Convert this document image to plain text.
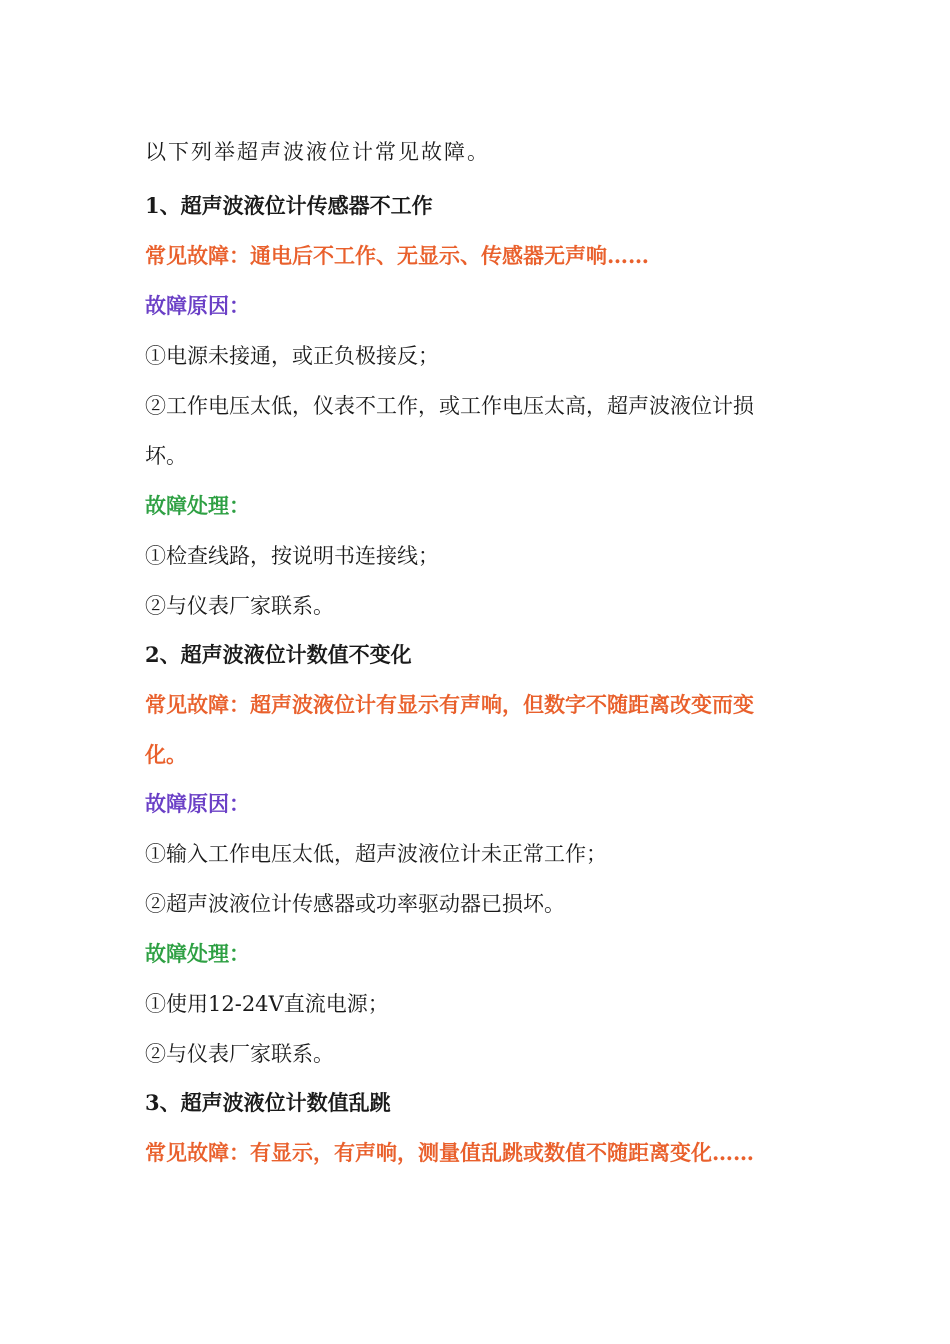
以下列举超声波液位计常见故障。

1、超声波液位计传感器不工作

常见故障：通电后不工作、无显示、传感器无声响……

故障原因：

①电源未接通，或正负极接反；

②工作电压太低，仪表不工作，或工作电压太高，超声波液位计损

坏。

故障处理：

①检查线路，按说明书连接线；

②与仪表厂家联系。

2、超声波液位计数值不变化

常见故障：超声波液位计有显示有声响，但数字不随距离改变而变

化。

故障原因：

①输入工作电压太低，超声波液位计未正常工作；

②超声波液位计传感器或功率驱动器已损坏。

故障处理：

①使用12-24V直流电源；

②与仪表厂家联系。

3、超声波液位计数值乱跳

常见故障：有显示，有声响，测量值乱跳或数值不随距离变化……
